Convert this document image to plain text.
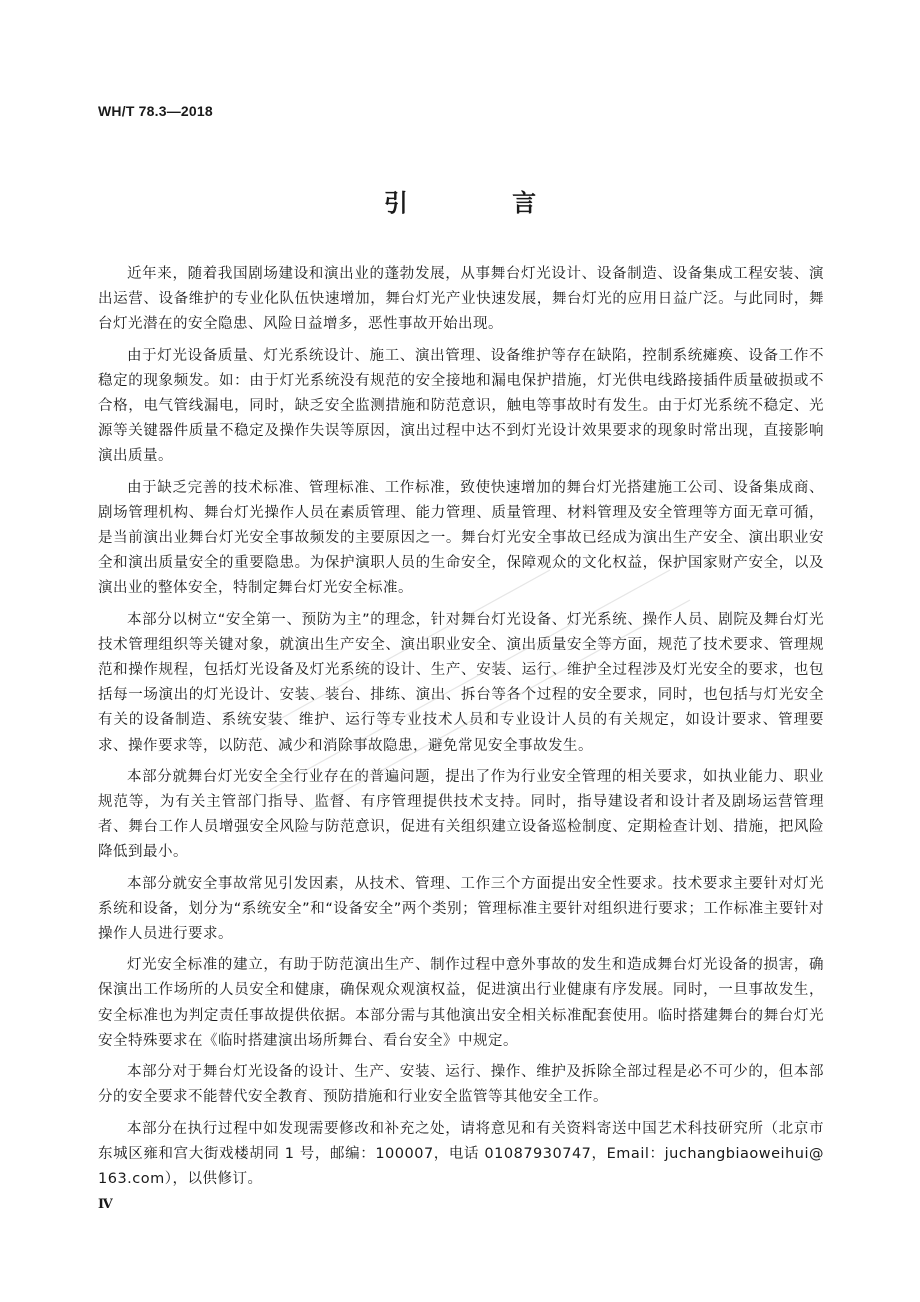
WH/T 78.3—2018
引 言

近年来，随着我国剧场建设和演出业的蓬勃发展，从事舞台灯光设计、设备制造、设备集成工程安装、演出运营、设备维护的专业化队伍快速增加，舞台灯光产业快速发展，舞台灯光的应用日益广泛。与此同时，舞台灯光潜在的安全隐患、风险日益增多，恶性事故开始出现。

由于灯光设备质量、灯光系统设计、施工、演出管理、设备维护等存在缺陷，控制系统瘫痪、设备工作不稳定的现象频发。如：由于灯光系统没有规范的安全接地和漏电保护措施，灯光供电线路接插件质量破损或不合格，电气管线漏电，同时，缺乏安全监测措施和防范意识，触电等事故时有发生。由于灯光系统不稳定、光源等关键器件质量不稳定及操作失误等原因，演出过程中达不到灯光设计效果要求的现象时常出现，直接影响演出质量。

由于缺乏完善的技术标准、管理标准、工作标准，致使快速增加的舞台灯光搭建施工公司、设备集成商、剧场管理机构、舞台灯光操作人员在素质管理、能力管理、质量管理、材料管理及安全管理等方面无章可循，是当前演出业舞台灯光安全事故频发的主要原因之一。舞台灯光安全事故已经成为演出生产安全、演出职业安全和演出质量安全的重要隐患。为保护演职人员的生命安全，保障观众的文化权益，保护国家财产安全，以及演出业的整体安全，特制定舞台灯光安全标准。

本部分以树立“安全第一、预防为主”的理念，针对舞台灯光设备、灯光系统、操作人员、剧院及舞台灯光技术管理组织等关键对象，就演出生产安全、演出职业安全、演出质量安全等方面，规范了技术要求、管理规范和操作规程，包括灯光设备及灯光系统的设计、生产、安装、运行、维护全过程涉及灯光安全的要求，也包括每一场演出的灯光设计、安装、装台、排练、演出、拆台等各个过程的安全要求，同时，也包括与灯光安全有关的设备制造、系统安装、维护、运行等专业技术人员和专业设计人员的有关规定，如设计要求、管理要求、操作要求等，以防范、减少和消除事故隐患，避免常见安全事故发生。

本部分就舞台灯光安全全行业存在的普遍问题，提出了作为行业安全管理的相关要求，如执业能力、职业规范等，为有关主管部门指导、监督、有序管理提供技术支持。同时，指导建设者和设计者及剧场运营管理者、舞台工作人员增强安全风险与防范意识，促进有关组织建立设备巡检制度、定期检查计划、措施，把风险降低到最小。

本部分就安全事故常见引发因素，从技术、管理、工作三个方面提出安全性要求。技术要求主要针对灯光系统和设备，划分为“系统安全”和“设备安全”两个类别；管理标准主要针对组织进行要求；工作标准主要针对操作人员进行要求。

灯光安全标准的建立，有助于防范演出生产、制作过程中意外事故的发生和造成舞台灯光设备的损害，确保演出工作场所的人员安全和健康，确保观众观演权益，促进演出行业健康有序发展。同时，一旦事故发生，安全标准也为判定责任事故提供依据。本部分需与其他演出安全相关标准配套使用。临时搭建舞台的舞台灯光安全特殊要求在《临时搭建演出场所舞台、看台安全》中规定。

本部分对于舞台灯光设备的设计、生产、安装、运行、操作、维护及拆除全部过程是必不可少的，但本部分的安全要求不能替代安全教育、预防措施和行业安全监管等其他安全工作。

本部分在执行过程中如发现需要修改和补充之处，请将意见和有关资料寄送中国艺术科技研究所（北京市东城区雍和宫大街戏楼胡同 1 号，邮编：100007，电话 01087930747，Email：juchangbiaoweihui@163.com），以供修订。

Ⅳ
